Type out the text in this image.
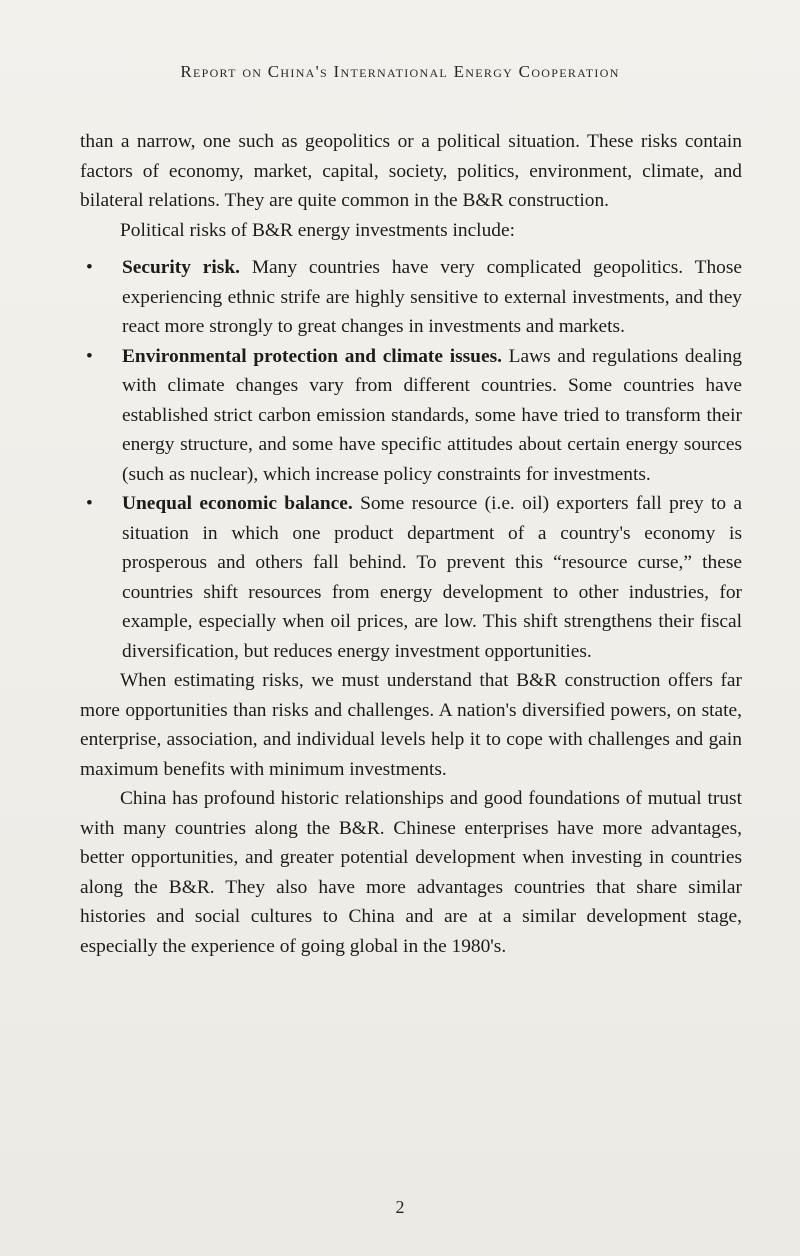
Report on China's International Energy Cooperation

than a narrow, one such as geopolitics or a political situation. These risks contain factors of economy, market, capital, society, politics, environment, climate, and bilateral relations. They are quite common in the B&R construction.

Political risks of B&R energy investments include:

• Security risk. Many countries have very complicated geopolitics. Those experiencing ethnic strife are highly sensitive to external investments, and they react more strongly to great changes in investments and markets.
• Environmental protection and climate issues. Laws and regulations dealing with climate changes vary from different countries. Some countries have established strict carbon emission standards, some have tried to transform their energy structure, and some have specific attitudes about certain energy sources (such as nuclear), which increase policy constraints for investments.
• Unequal economic balance. Some resource (i.e. oil) exporters fall prey to a situation in which one product department of a country's economy is prosperous and others fall behind. To prevent this “resource curse,” these countries shift resources from energy development to other industries, for example, especially when oil prices, are low. This shift strengthens their fiscal diversification, but reduces energy investment opportunities.

When estimating risks, we must understand that B&R construction offers far more opportunities than risks and challenges. A nation's diversified powers, on state, enterprise, association, and individual levels help it to cope with challenges and gain maximum benefits with minimum investments.

China has profound historic relationships and good foundations of mutual trust with many countries along the B&R. Chinese enterprises have more advantages, better opportunities, and greater potential development when investing in countries along the B&R. They also have more advantages countries that share similar histories and social cultures to China and are at a similar development stage, especially the experience of going global in the 1980's.

2
